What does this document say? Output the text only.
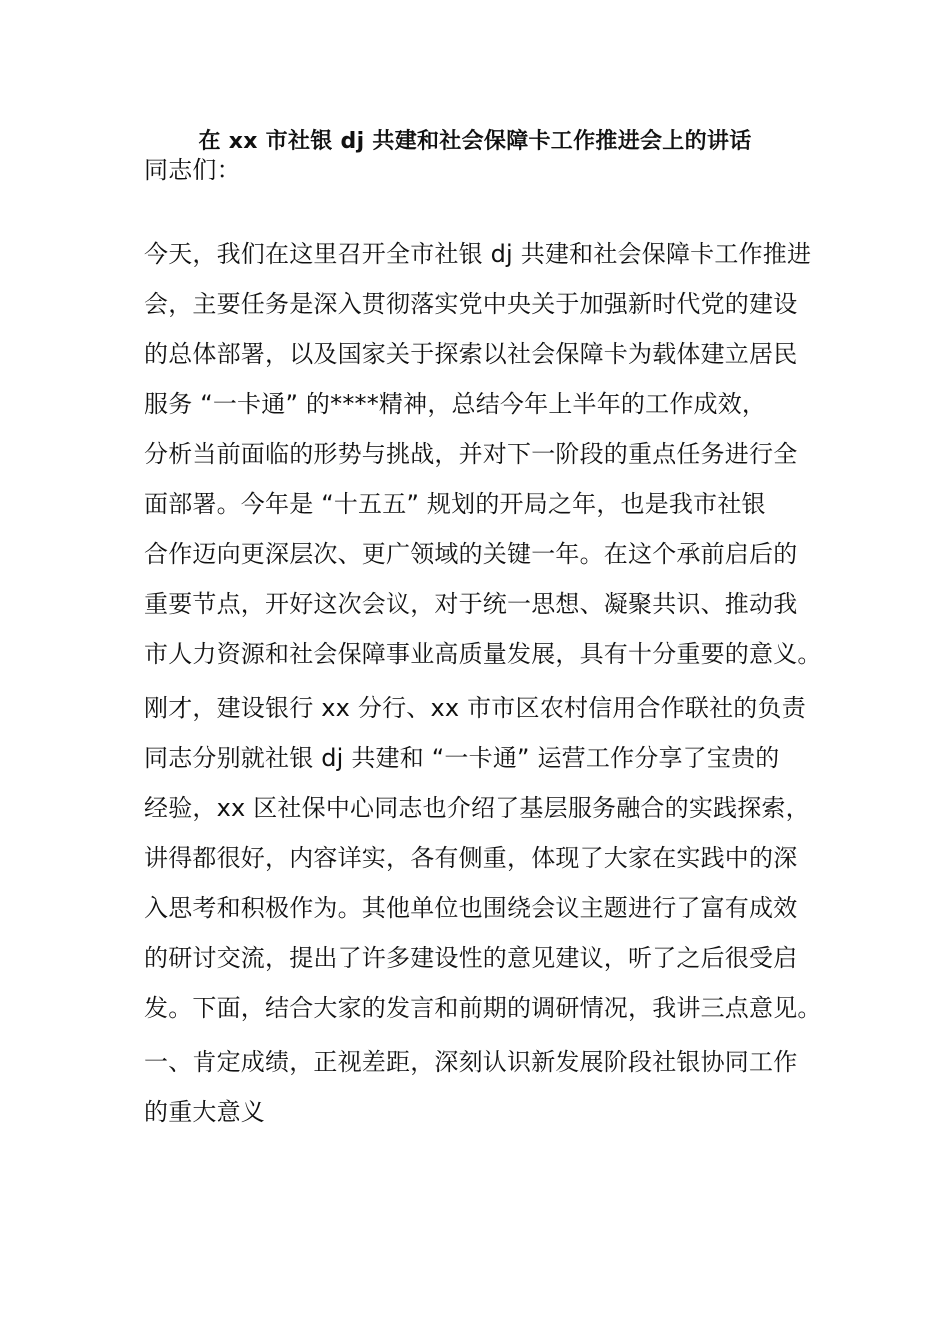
在 xx 市社银 dj 共建和社会保障卡工作推进会上的讲话
同志们：
今天，我们在这里召开全市社银 dj 共建和社会保障卡工作推进
会，主要任务是深入贯彻落实党中央关于加强新时代党的建设
的总体部署，以及国家关于探索以社会保障卡为载体建立居民
服务 “一卡通” 的****精神，总结今年上半年的工作成效，
分析当前面临的形势与挑战，并对下一阶段的重点任务进行全
面部署。今年是 “十五五” 规划的开局之年，也是我市社银
合作迈向更深层次、更广领域的关键一年。在这个承前启后的
重要节点，开好这次会议，对于统一思想、凝聚共识、推动我
市人力资源和社会保障事业高质量发展，具有十分重要的意义。
刚才，建设银行 xx 分行、xx 市市区农村信用合作联社的负责
同志分别就社银 dj 共建和 “一卡通” 运营工作分享了宝贵的
经验，xx 区社保中心同志也介绍了基层服务融合的实践探索，
讲得都很好，内容详实，各有侧重，体现了大家在实践中的深
入思考和积极作为。其他单位也围绕会议主题进行了富有成效
的研讨交流，提出了许多建设性的意见建议，听了之后很受启
发。下面，结合大家的发言和前期的调研情况，我讲三点意见。
一、肯定成绩，正视差距，深刻认识新发展阶段社银协同工作
的重大意义
